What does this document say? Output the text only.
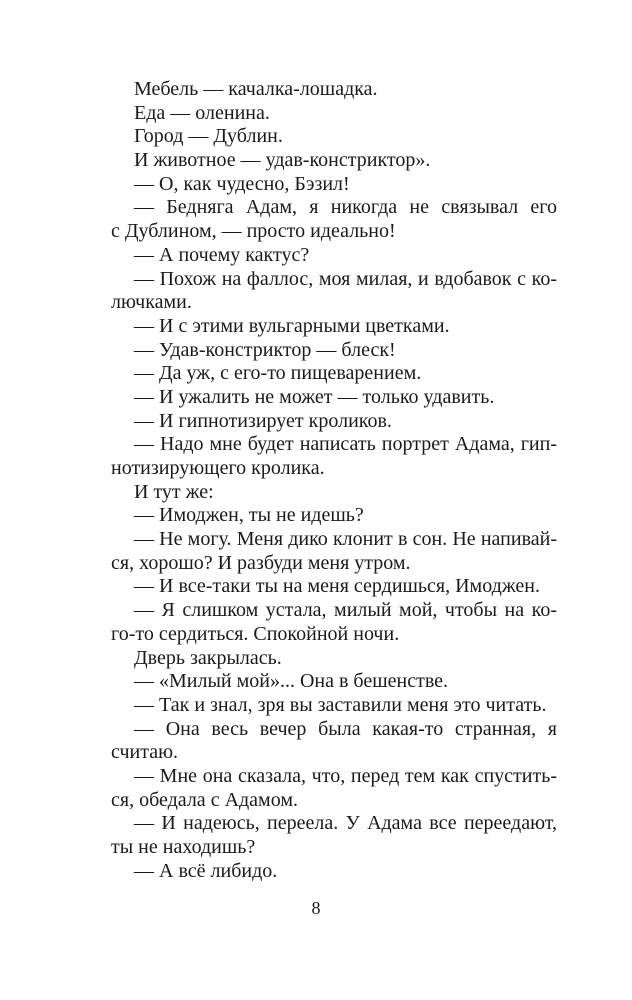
Мебель — качалка-лошадка.
Еда — оленина.
Город — Дублин.
И животное — удав-констриктор».
— О, как чудесно, Бэзил!
— Бедняга Адам, я никогда не связывал его
с Дублином, — просто идеально!
— А почему кактус?
— Похож на фаллос, моя милая, и вдобавок с ко-
лючками.
— И с этими вульгарными цветками.
— Удав-констриктор — блеск!
— Да уж, с его-то пищеварением.
— И ужалить не может — только удавить.
— И гипнотизирует кроликов.
— Надо мне будет написать портрет Адама, гип-
нотизирующего кролика.
И тут же:
— Имоджен, ты не идешь?
— Не могу. Меня дико клонит в сон. Не напивай-
ся, хорошо? И разбуди меня утром.
— И все-таки ты на меня сердишься, Имоджен.
— Я слишком устала, милый мой, чтобы на ко-
го-то сердиться. Спокойной ночи.
Дверь закрылась.
— «Милый мой»... Она в бешенстве.
— Так и знал, зря вы заставили меня это читать.
— Она весь вечер была какая-то странная, я
считаю.
— Мне она сказала, что, перед тем как спустить-
ся, обедала с Адамом.
— И надеюсь, переела. У Адама все переедают,
ты не находишь?
— А всё либидо.
8
